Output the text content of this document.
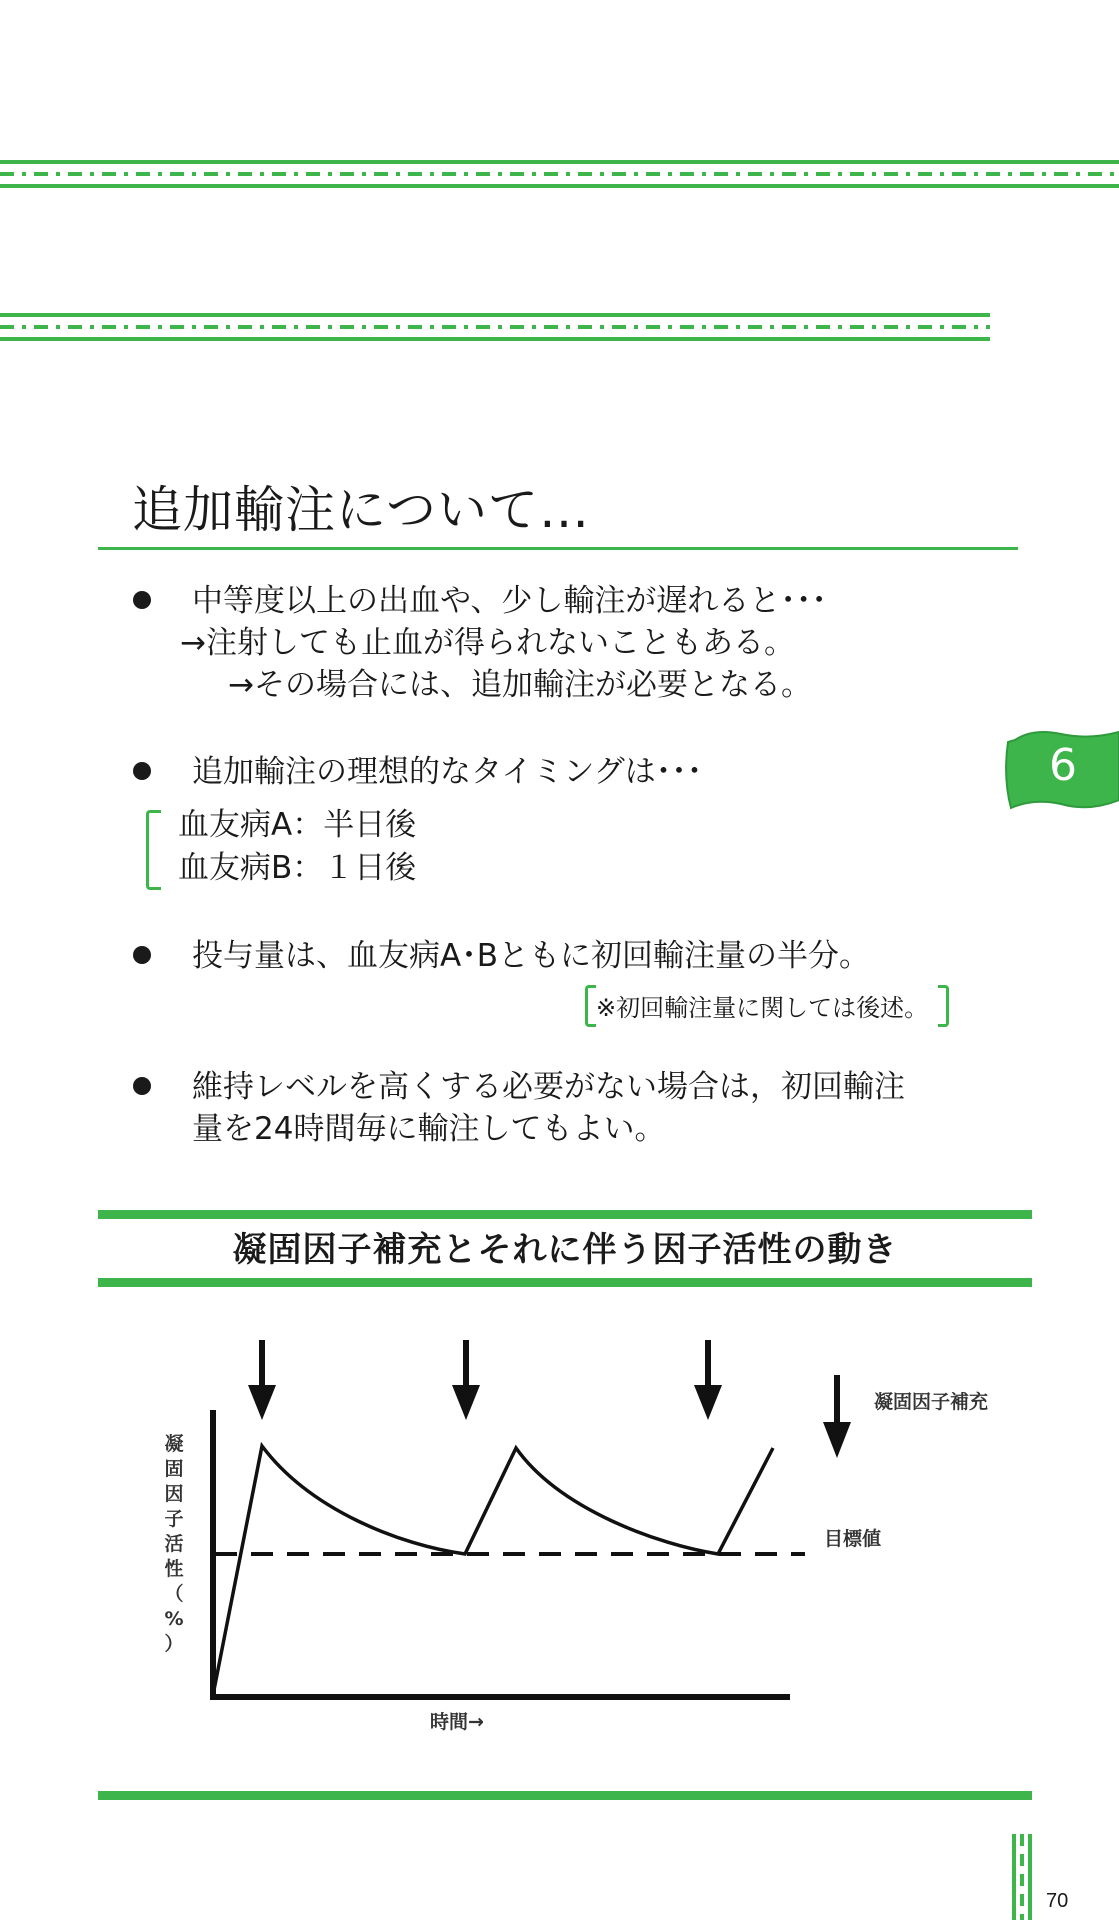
追加輸注について…
中等度以上の出血や、少し輸注が遅れると･･･
→注射しても止血が得られないこともある。
→その場合には、追加輸注が必要となる。
追加輸注の理想的なタイミングは･･･
血友病A：半日後
血友病B：１日後
投与量は、血友病A･Bともに初回輸注量の半分。
※初回輸注量に関しては後述。
維持レベルを高くする必要がない場合は，初回輸注
量を24時間毎に輸注してもよい。
6
凝固因子補充とそれに伴う因子活性の動き
凝固因子補充
目標値
時間→
凝
固
因
子
活
性
（
%
）
70
